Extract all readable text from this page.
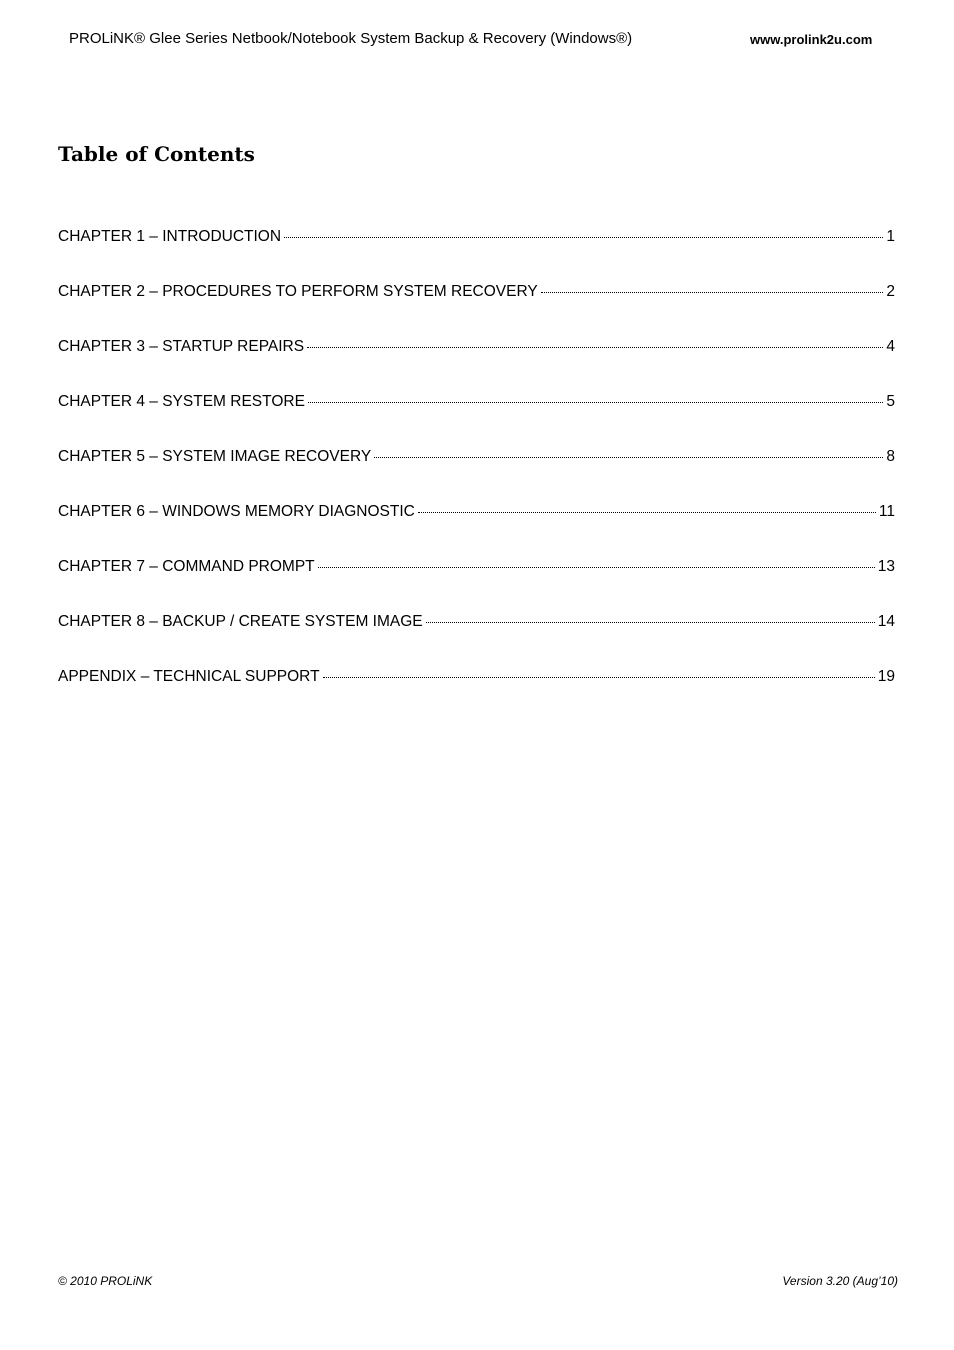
PROLiNK® Glee Series Netbook/Notebook System Backup & Recovery (Windows®)	www.prolink2u.com
Table of Contents
CHAPTER 1 – INTRODUCTION	1
CHAPTER 2 – PROCEDURES TO PERFORM SYSTEM RECOVERY	2
CHAPTER 3 – STARTUP REPAIRS	4
CHAPTER 4 – SYSTEM RESTORE	5
CHAPTER 5 – SYSTEM IMAGE RECOVERY	8
CHAPTER 6 – WINDOWS MEMORY DIAGNOSTIC	11
CHAPTER 7 – COMMAND PROMPT	13
CHAPTER 8 – BACKUP / CREATE SYSTEM IMAGE	14
APPENDIX – TECHNICAL SUPPORT	19
© 2010 PROLiNK	Version 3.20 (Aug’10)
